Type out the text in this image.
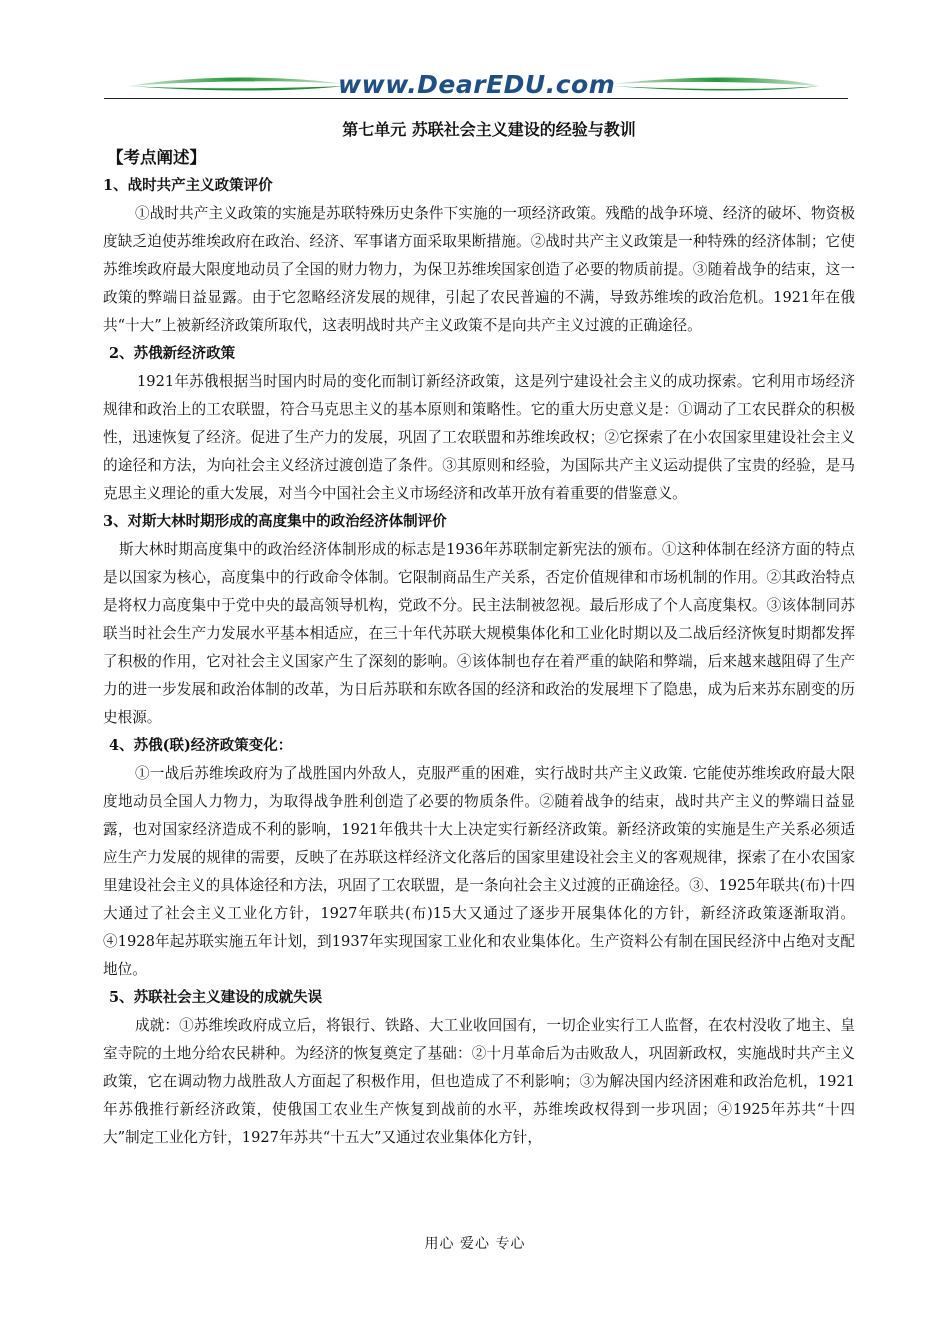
www.DearEDU.com
第七单元 苏联社会主义建设的经验与教训
【考点阐述】
1、战时共产主义政策评价

①战时共产主义政策的实施是苏联特殊历史条件下实施的一项经济政策。残酷的战争环境、经济的破坏、物资极度缺乏迫使苏维埃政府在政治、经济、军事诸方面采取果断措施。②战时共产主义政策是一种特殊的经济体制；它使苏维埃政府最大限度地动员了全国的财力物力，为保卫苏维埃国家创造了必要的物质前提。③随着战争的结束，这一政策的弊端日益显露。由于它忽略经济发展的规律，引起了农民普遍的不满，导致苏维埃的政治危机。1921年在俄共“十大”上被新经济政策所取代，这表明战时共产主义政策不是向共产主义过渡的正确途径。

2、苏俄新经济政策

1921年苏俄根据当时国内时局的变化而制订新经济政策，这是列宁建设社会主义的成功探索。它利用市场经济规律和政治上的工农联盟，符合马克思主义的基本原则和策略性。它的重大历史意义是：①调动了工农民群众的积极性，迅速恢复了经济。促进了生产力的发展，巩固了工农联盟和苏维埃政权；②它探索了在小农国家里建设社会主义的途径和方法，为向社会主义经济过渡创造了条件。③其原则和经验，为国际共产主义运动提供了宝贵的经验，是马克思主义理论的重大发展，对当今中国社会主义市场经济和改革开放有着重要的借鉴意义。

3、对斯大林时期形成的高度集中的政治经济体制评价

斯大林时期高度集中的政治经济体制形成的标志是1936年苏联制定新宪法的颁布。①这种体制在经济方面的特点是以国家为核心，高度集中的行政命令体制。它限制商品生产关系，否定价值规律和市场机制的作用。②其政治特点是将权力高度集中于党中央的最高领导机构，党政不分。民主法制被忽视。最后形成了个人高度集权。③该体制同苏联当时社会生产力发展水平基本相适应，在三十年代苏联大规模集体化和工业化时期以及二战后经济恢复时期都发挥了积极的作用，它对社会主义国家产生了深刻的影响。④该体制也存在着严重的缺陷和弊端，后来越来越阻碍了生产力的进一步发展和政治体制的改革，为日后苏联和东欧各国的经济和政治的发展埋下了隐患，成为后来苏东剧变的历史根源。

4、苏俄(联)经济政策变化：

①一战后苏维埃政府为了战胜国内外敌人，克服严重的困难，实行战时共产主义政策. 它能使苏维埃政府最大限度地动员全国人力物力，为取得战争胜利创造了必要的物质条件。②随着战争的结束，战时共产主义的弊端日益显露，也对国家经济造成不利的影响，1921年俄共十大上决定实行新经济政策。新经济政策的实施是生产关系必须适应生产力发展的规律的需要，反映了在苏联这样经济文化落后的国家里建设社会主义的客观规律，探索了在小农国家里建设社会主义的具体途径和方法，巩固了工农联盟，是一条向社会主义过渡的正确途径。③、1925年联共(布)十四大通过了社会主义工业化方针，1927年联共(布)15大又通过了逐步开展集体化的方针，新经济政策逐渐取消。④1928年起苏联实施五年计划，到1937年实现国家工业化和农业集体化。生产资料公有制在国民经济中占绝对支配地位。

5、苏联社会主义建设的成就失误

成就：①苏维埃政府成立后，将银行、铁路、大工业收回国有，一切企业实行工人监督，在农村没收了地主、皇室寺院的土地分给农民耕种。为经济的恢复奠定了基础：②十月革命后为击败敌人，巩固新政权，实施战时共产主义政策，它在调动物力战胜敌人方面起了积极作用，但也造成了不利影响；③为解决国内经济困难和政治危机，1921年苏俄推行新经济政策，使俄国工农业生产恢复到战前的水平，苏维埃政权得到一步巩固；④1925年苏共“十四大”制定工业化方针，1927年苏共“十五大”又通过农业集体化方针，

用心 爱心 专心
